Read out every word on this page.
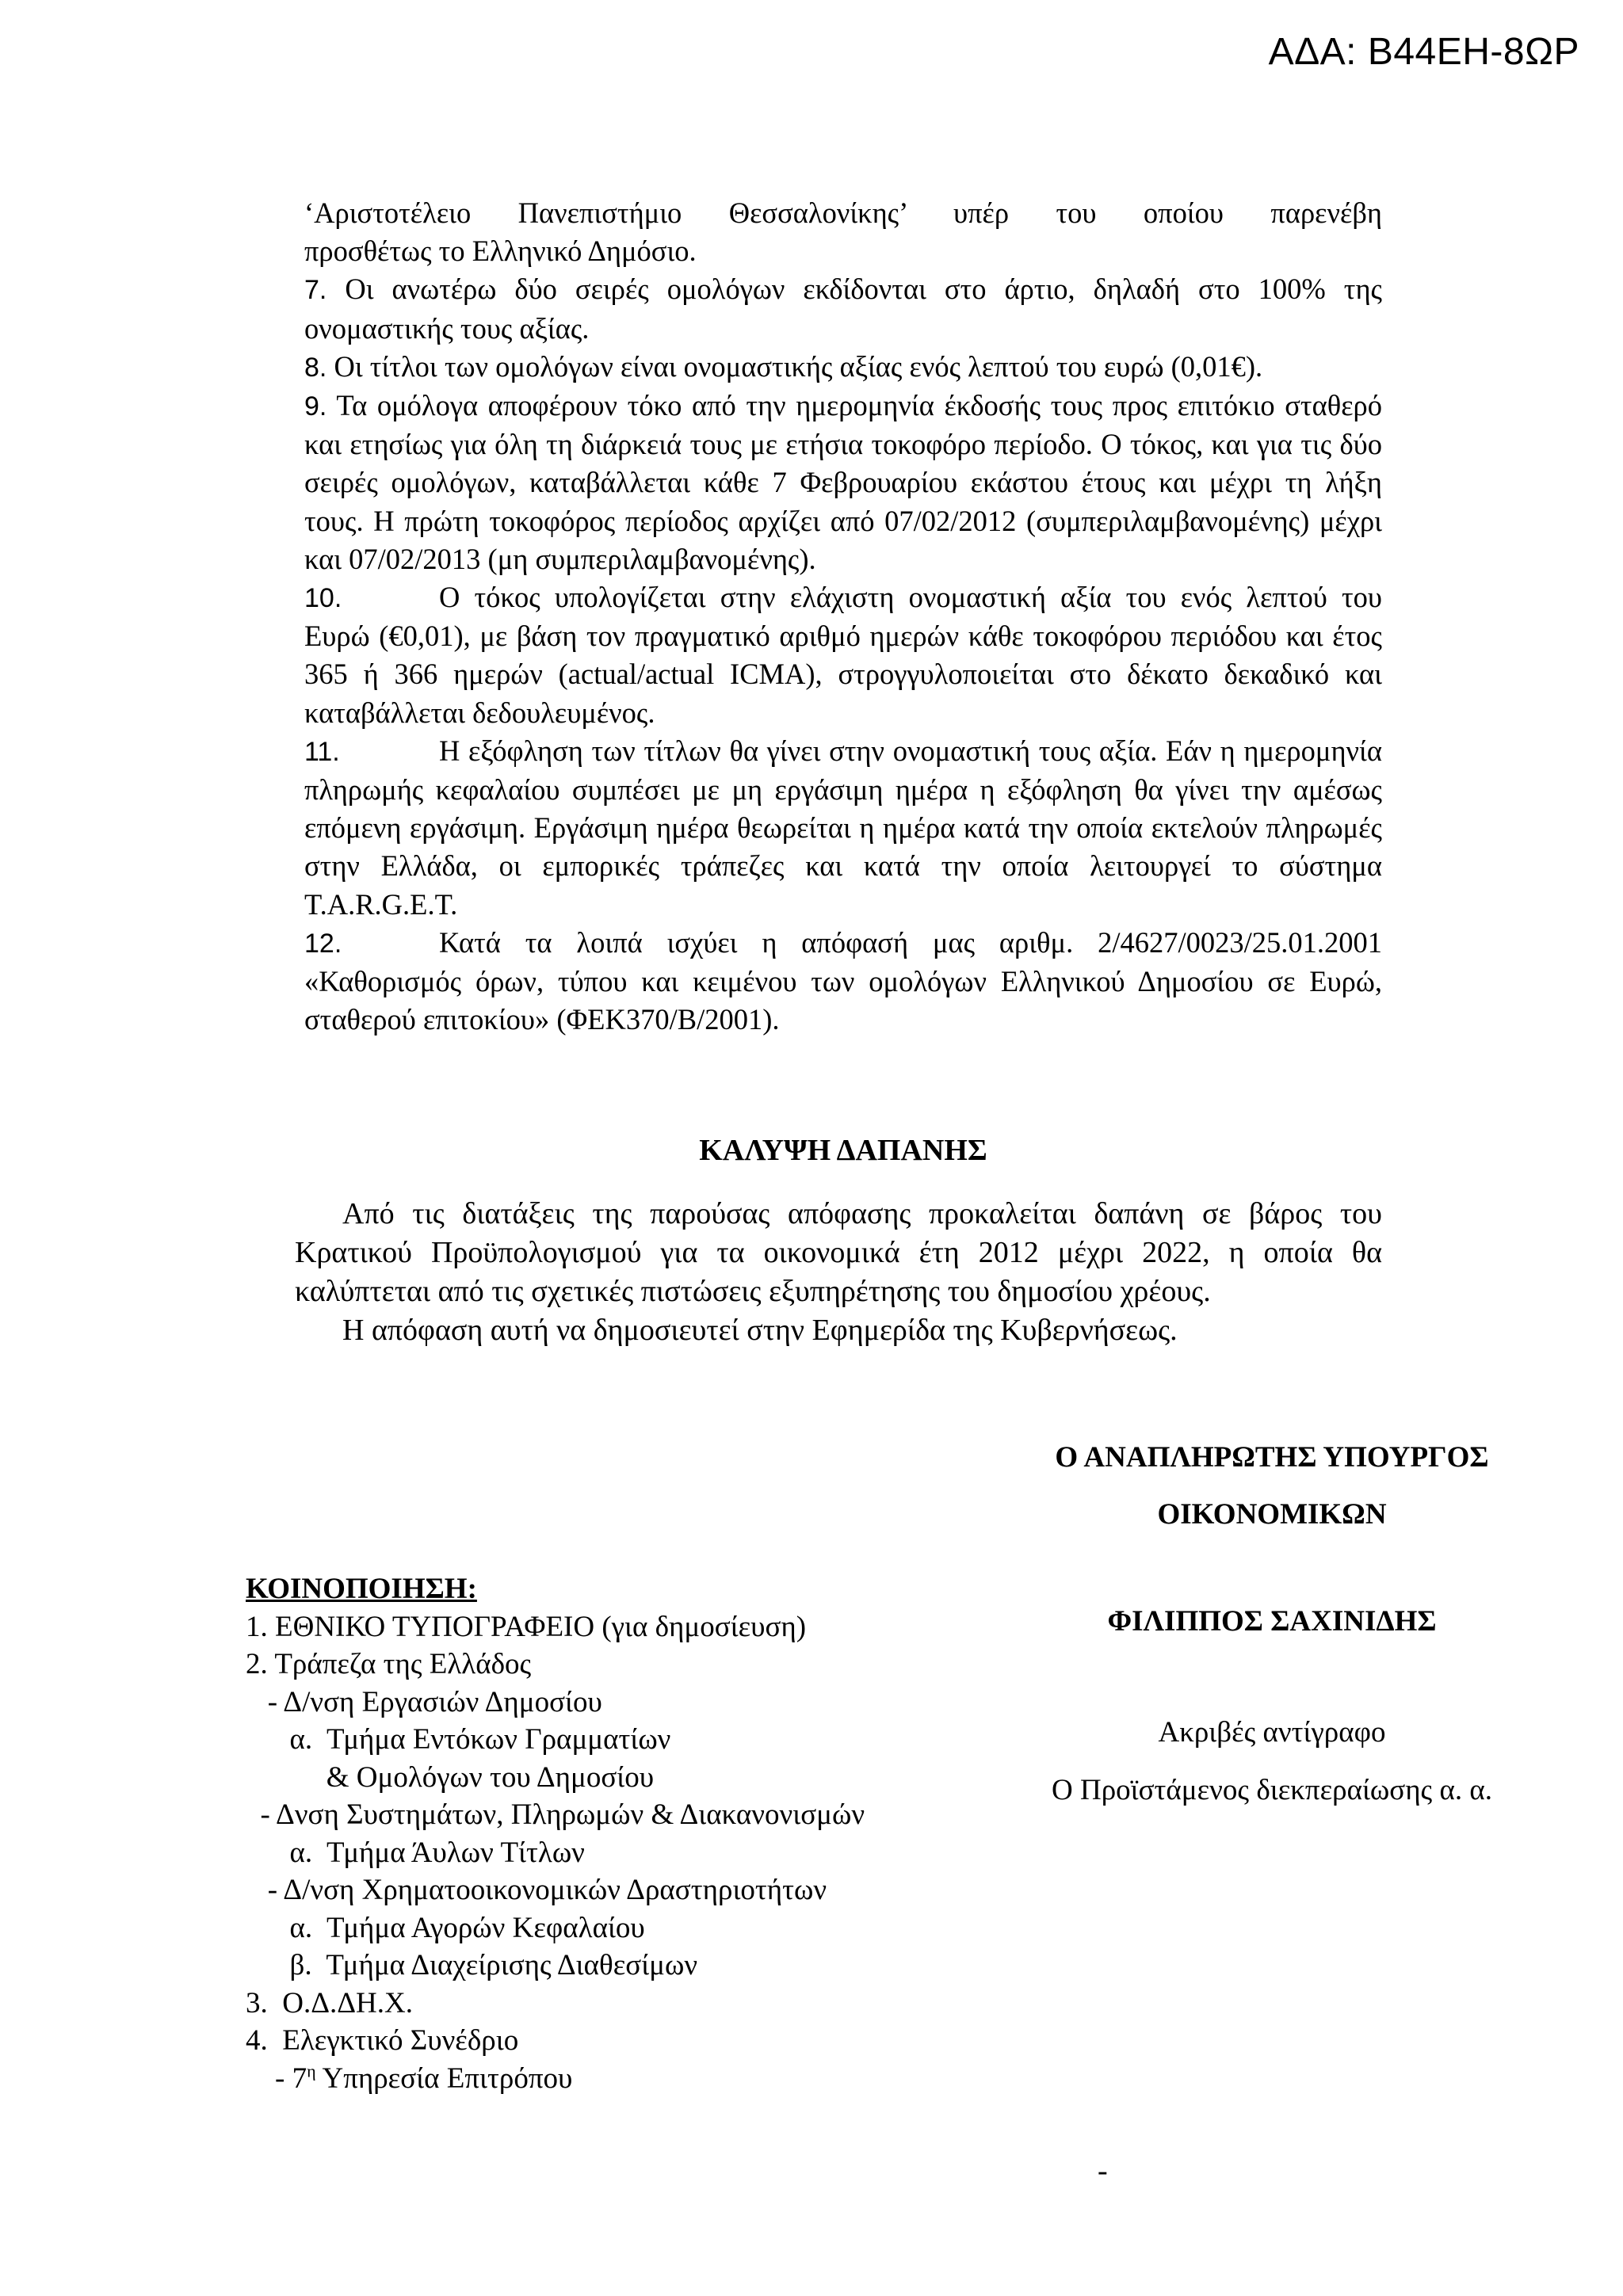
ΑΔΑ: Β44ΕΗ-8ΩΡ

‘Αριστοτέλειο Πανεπιστήμιο Θεσσαλονίκης’ υπέρ του οποίου παρενέβη

προσθέτως το Ελληνικό Δημόσιο.

7. Οι ανωτέρω δύο σειρές ομολόγων εκδίδονται στο άρτιο, δηλαδή στο 100% της ονομαστικής τους αξίας.

8. Οι τίτλοι των ομολόγων είναι ονομαστικής αξίας ενός λεπτού του ευρώ (0,01€).

9. Τα ομόλογα αποφέρουν τόκο από την ημερομηνία έκδοσής τους προς επιτόκιο σταθερό και ετησίως για όλη τη διάρκειά τους με ετήσια τοκοφόρο περίοδο. Ο τόκος, και για τις δύο σειρές ομολόγων, καταβάλλεται κάθε 7 Φεβρουαρίου εκάστου έτους και μέχρι τη λήξη τους. Η πρώτη τοκοφόρος περίοδος αρχίζει από 07/02/2012 (συμπεριλαμβανομένης) μέχρι και 07/02/2013 (μη συμπεριλαμβανομένης).

10.	Ο τόκος υπολογίζεται στην ελάχιστη ονομαστική αξία του ενός λεπτού του Ευρώ (€0,01), με βάση τον πραγματικό αριθμό ημερών κάθε τοκοφόρου περιόδου και έτος 365 ή 366 ημερών (actual/actual ICMA), στρογγυλοποιείται στο δέκατο δεκαδικό και καταβάλλεται δεδουλευμένος.

11.	Η εξόφληση των τίτλων θα γίνει στην ονομαστική τους αξία. Εάν η ημερομηνία πληρωμής κεφαλαίου συμπέσει με μη εργάσιμη ημέρα η εξόφληση θα γίνει την αμέσως επόμενη εργάσιμη. Εργάσιμη ημέρα θεωρείται η ημέρα κατά την οποία εκτελούν πληρωμές στην Ελλάδα, οι εμπορικές τράπεζες και κατά την οποία λειτουργεί το σύστημα T.A.R.G.E.T.

12.	Κατά τα λοιπά ισχύει η απόφασή μας αριθμ. 2/4627/0023/25.01.2001 «Καθορισμός όρων, τύπου και κειμένου των ομολόγων Ελληνικού Δημοσίου σε Ευρώ, σταθερού επιτοκίου» (ΦΕΚ370/Β/2001).

ΚΑΛΥΨΗ ΔΑΠΑΝΗΣ

Από τις διατάξεις της παρούσας απόφασης προκαλείται δαπάνη σε βάρος του Κρατικού Προϋπολογισμού για τα οικονομικά έτη 2012 μέχρι 2022, η οποία θα καλύπτεται από τις σχετικές πιστώσεις εξυπηρέτησης του δημοσίου χρέους.

Η απόφαση αυτή να δημοσιευτεί στην Εφημερίδα της Κυβερνήσεως.

Ο ΑΝΑΠΛΗΡΩΤΗΣ ΥΠΟΥΡΓΟΣ
ΟΙΚΟΝΟΜΙΚΩΝ
ΦΙΛΙΠΠΟΣ ΣΑΧΙΝΙΔΗΣ
Ακριβές αντίγραφο
Ο Προϊστάμενος διεκπεραίωσης α. α.
ΚΟΙΝΟΠΟΙΗΣΗ:
1. ΕΘΝΙΚΟ ΤΥΠΟΓΡΑΦΕΙΟ (για δημοσίευση)
2. Τράπεζα της Ελλάδος
- Δ/νση Εργασιών Δημοσίου
α.  Τμήμα Εντόκων Γραμματίων
& Ομολόγων του Δημοσίου
- Δνση Συστημάτων, Πληρωμών & Διακανονισμών
α.  Τμήμα Άυλων Τίτλων
- Δ/νση Χρηματοοικονομικών Δραστηριοτήτων
α.  Τμήμα Αγορών Κεφαλαίου
β.  Τμήμα Διαχείρισης Διαθεσίμων
3.  Ο.Δ.ΔΗ.Χ.
4.  Ελεγκτικό Συνέδριο
- $7^\eta$ Υπηρεσία Επιτρόπου
-
